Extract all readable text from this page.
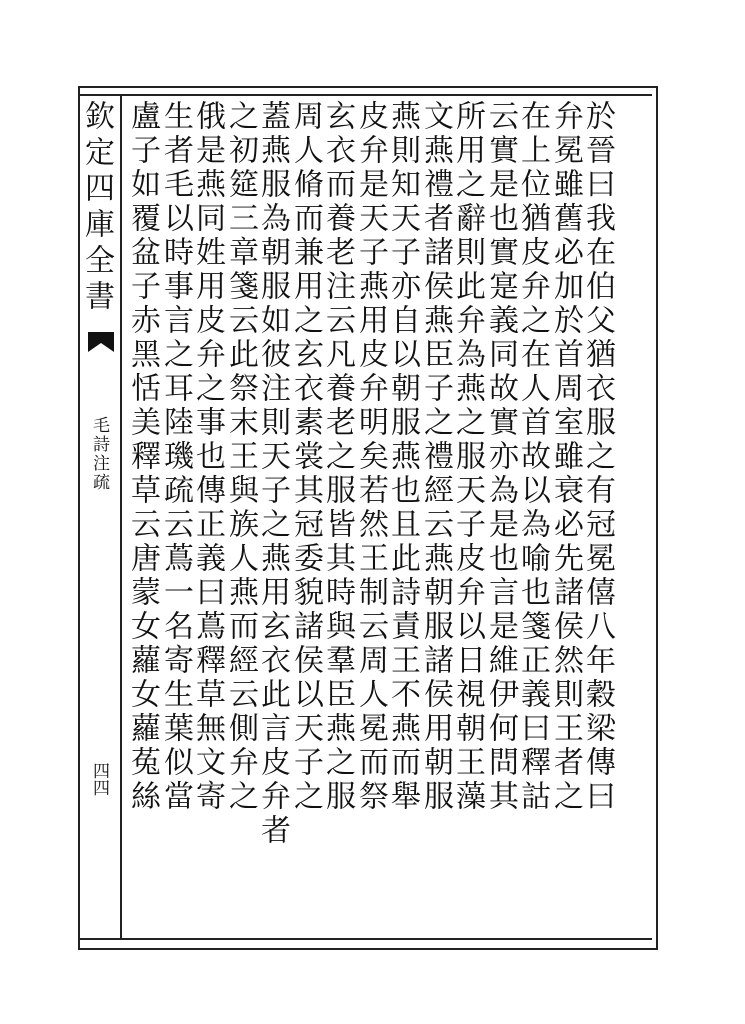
欽定四庫全書
毛詩注疏
四四	於晉曰我在伯父猶衣服之有冠冕僖八年穀梁傳曰
弁冕雖舊必加於首周室雖衰必先諸侯然則王者之
在上位猶皮弁之在人首故以為喻也箋正義曰釋詁
云實是也實寔義同故實亦為是也言是維伊何問其
所用之辭則此弁為燕之服天子皮弁以日視朝王藻
文燕禮者諸侯燕臣子之禮經云燕朝服諸侯用朝服
燕則知天子亦自以朝服燕也且此詩責王不燕而舉
皮弁是天子燕用皮弁明矣若然王制云周人冕而祭
玄衣而養老注云凡養老之服皆其時與羣臣燕之服
周人脩而兼用之玄衣素裳其冠委貌諸侯以天子之
蓋燕服為朝服如彼注則天子之燕用玄衣此言皮弁者
之初筵三章箋云此祭末王與族人燕而經云側弁之
俄是燕同姓用皮弁之事也傳正義曰蔦釋草無文寄
生者毛以時事言之耳陸璣疏云蔦一名寄生葉似當
盧子如覆盆子赤黑恬美釋草云唐蒙女蘿女蘿菟絲
